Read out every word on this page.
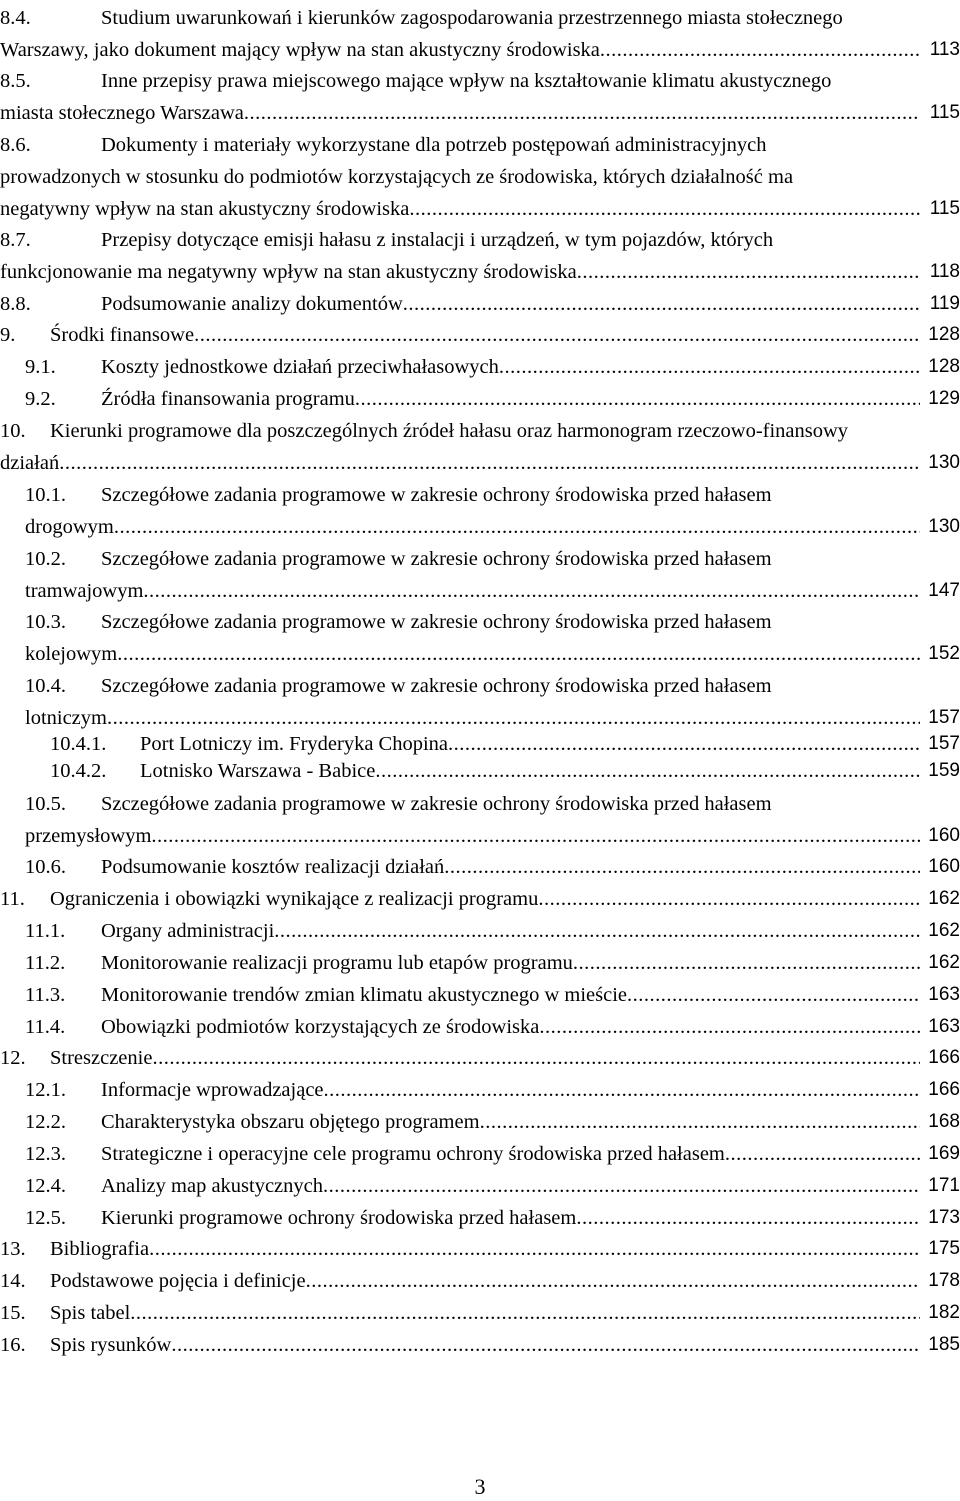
8.4.	Studium uwarunkowań i kierunków zagospodarowania przestrzennego miasta stołecznego
Warszawy, jako dokument mający wpływ na stan akustyczny środowiska .....	113
8.5.	Inne przepisy prawa miejscowego mające wpływ na kształtowanie klimatu akustycznego
miasta stołecznego Warszawa .....	115
8.6.	Dokumenty i materiały wykorzystane dla potrzeb postępowań administracyjnych
prowadzonych w stosunku do podmiotów korzystających ze środowiska, których działalność ma
negatywny wpływ na stan akustyczny środowiska .....	115
8.7.	Przepisy dotyczące emisji hałasu z instalacji i urządzeń, w tym pojazdów, których
funkcjonowanie ma negatywny wpływ na stan akustyczny środowiska .....	118
8.8.	Podsumowanie analizy dokumentów .....	119
9. Środki finansowe .....	128
9.1. Koszty jednostkowe działań przeciwhałasowych .....	128
9.2. Źródła finansowania programu .....	129
10. Kierunki programowe dla poszczególnych źródeł hałasu oraz harmonogram rzeczowo-finansowy
działań .....	130
10.1. Szczegółowe zadania programowe w zakresie ochrony środowiska przed hałasem
drogowym .....	130
10.2. Szczegółowe zadania programowe w zakresie ochrony środowiska przed hałasem
tramwajowym .....	147
10.3. Szczegółowe zadania programowe w zakresie ochrony środowiska przed hałasem
kolejowym .....	152
10.4. Szczegółowe zadania programowe w zakresie ochrony środowiska przed hałasem
lotniczym .....	157
10.4.1. Port Lotniczy im. Fryderyka Chopina .....	157
10.4.2. Lotnisko Warszawa - Babice .....	159
10.5. Szczegółowe zadania programowe w zakresie ochrony środowiska przed hałasem
przemysłowym .....	160
10.6. Podsumowanie kosztów realizacji działań .....	160
11. Ograniczenia i obowiązki wynikające z realizacji programu .....	162
11.1. Organy administracji .....	162
11.2. Monitorowanie realizacji programu lub etapów programu .....	162
11.3. Monitorowanie trendów zmian klimatu akustycznego w mieście .....	163
11.4. Obowiązki podmiotów korzystających ze środowiska .....	163
12. Streszczenie .....	166
12.1. Informacje wprowadzające .....	166
12.2. Charakterystyka obszaru objętego programem .....	168
12.3. Strategiczne i operacyjne cele programu ochrony środowiska przed hałasem .....	169
12.4. Analizy map akustycznych .....	171
12.5. Kierunki programowe ochrony środowiska przed hałasem .....	173
13. Bibliografia .....	175
14. Podstawowe pojęcia i definicje .....	178
15. Spis tabel .....	182
16. Spis rysunków .....	185
3
